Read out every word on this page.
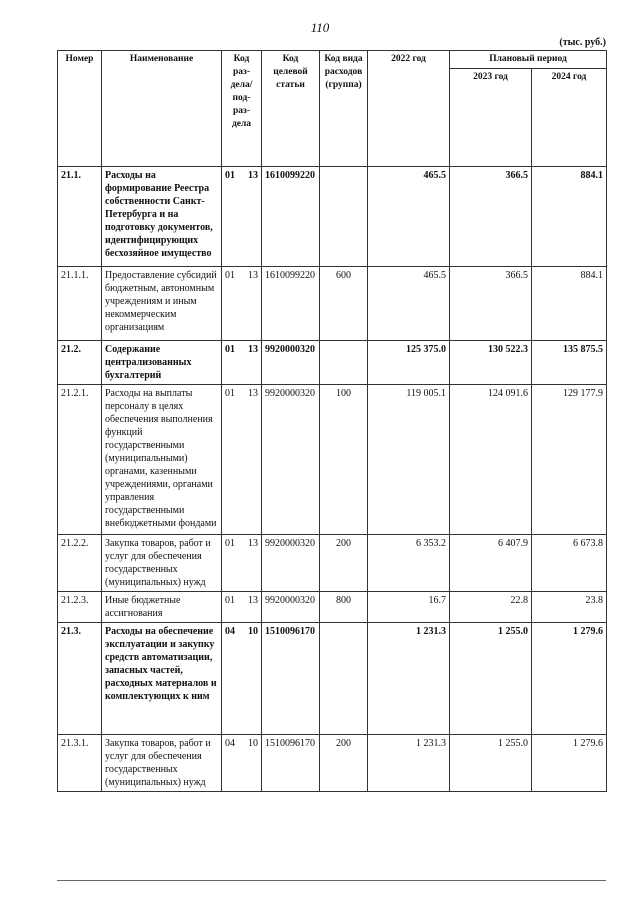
110
(тыс. руб.)
Номер	Наименование	Код раз-дела/ под-раз-дела	Код целевой статьи	Код вида расходов (группа)	2022 год	Плановый период	
						2023 год	2024 год
21.1.	Расходы на формирование Реестра собственности Санкт-Петербурга и на подготовку документов, идентифицирующих бесхозяйное имущество	01 13	1610099220		465.5	366.5	884.1
21.1.1.	Предоставление субсидий бюджетным, автономным учреждениям и иным некоммерческим организациям	01 13	1610099220	600	465.5	366.5	884.1
21.2.	Содержание централизованных бухгалтерий	01 13	9920000320		125 375.0	130 522.3	135 875.5
21.2.1.	Расходы на выплаты персоналу в целях обеспечения выполнения функций государственными (муниципальными) органами, казенными учреждениями, органами управления государственными внебюджетными фондами	01 13	9920000320	100	119 005.1	124 091.6	129 177.9
21.2.2.	Закупка товаров, работ и услуг для обеспечения государственных (муниципальных) нужд	01 13	9920000320	200	6 353.2	6 407.9	6 673.8
21.2.3.	Иные бюджетные ассигнования	01 13	9920000320	800	16.7	22.8	23.8
21.3.	Расходы на обеспечение эксплуатации и закупку средств автоматизации, запасных частей, расходных материалов и комплектующих к ним	04 10	1510096170		1 231.3	1 255.0	1 279.6
21.3.1.	Закупка товаров, работ и услуг для обеспечения государственных (муниципальных) нужд	04 10	1510096170	200	1 231.3	1 255.0	1 279.6
